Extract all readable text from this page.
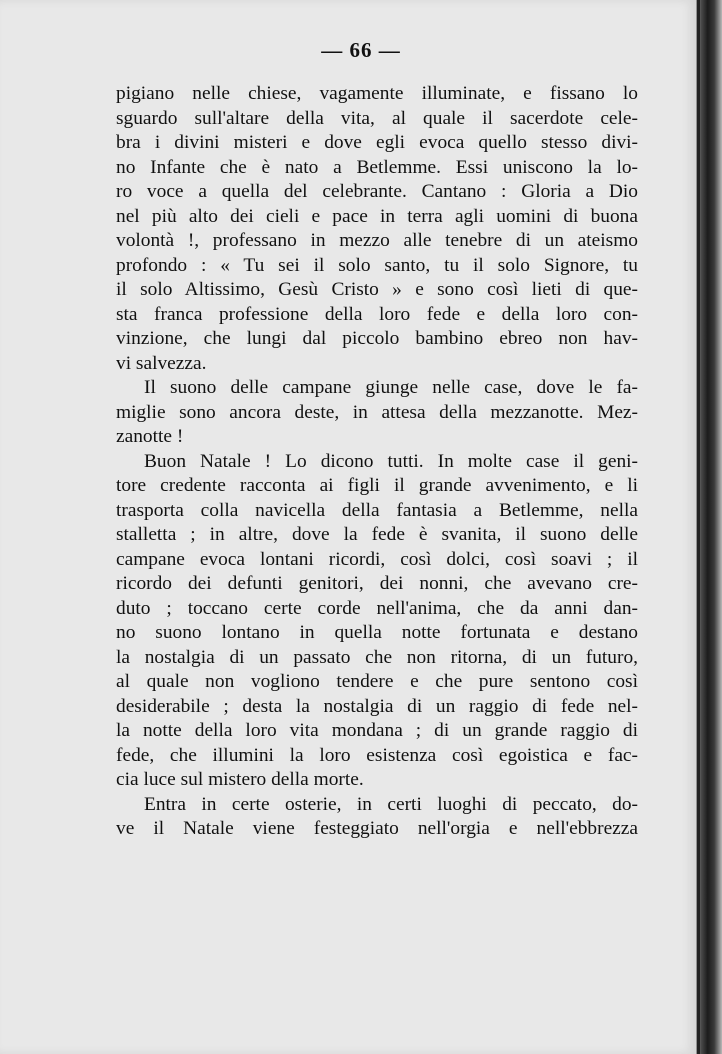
— 66 —
pigiano nelle chiese, vagamente illuminate, e fissano lo
sguardo sull'altare della vita, al quale il sacerdote cele-
bra i divini misteri e dove egli evoca quello stesso divi-
no Infante che è nato a Betlemme. Essi uniscono la lo-
ro voce a quella del celebrante. Cantano : Gloria a Dio
nel più alto dei cieli e pace in terra agli uomini di buona
volontà !, professano in mezzo alle tenebre di un ateismo
profondo : « Tu sei il solo santo, tu il solo Signore, tu
il solo Altissimo, Gesù Cristo » e sono così lieti di que-
sta franca professione della loro fede e della loro con-
vinzione, che lungi dal piccolo bambino ebreo non hav-
vi salvezza.
Il suono delle campane giunge nelle case, dove le fa-
miglie sono ancora deste, in attesa della mezzanotte. Mez-
zanotte !
Buon Natale ! Lo dicono tutti. In molte case il geni-
tore credente racconta ai figli il grande avvenimento, e li
trasporta colla navicella della fantasia a Betlemme, nella
stalletta ; in altre, dove la fede è svanita, il suono delle
campane evoca lontani ricordi, così dolci, così soavi ; il
ricordo dei defunti genitori, dei nonni, che avevano cre-
duto ; toccano certe corde nell'anima, che da anni dan-
no suono lontano in quella notte fortunata e destano
la nostalgia di un passato che non ritorna, di un futuro,
al quale non vogliono tendere e che pure sentono così
desiderabile ; desta la nostalgia di un raggio di fede nel-
la notte della loro vita mondana ; di un grande raggio di
fede, che illumini la loro esistenza così egoistica e fac-
cia luce sul mistero della morte.
Entra in certe osterie, in certi luoghi di peccato, do-
ve il Natale viene festeggiato nell'orgia e nell'ebbrezza
